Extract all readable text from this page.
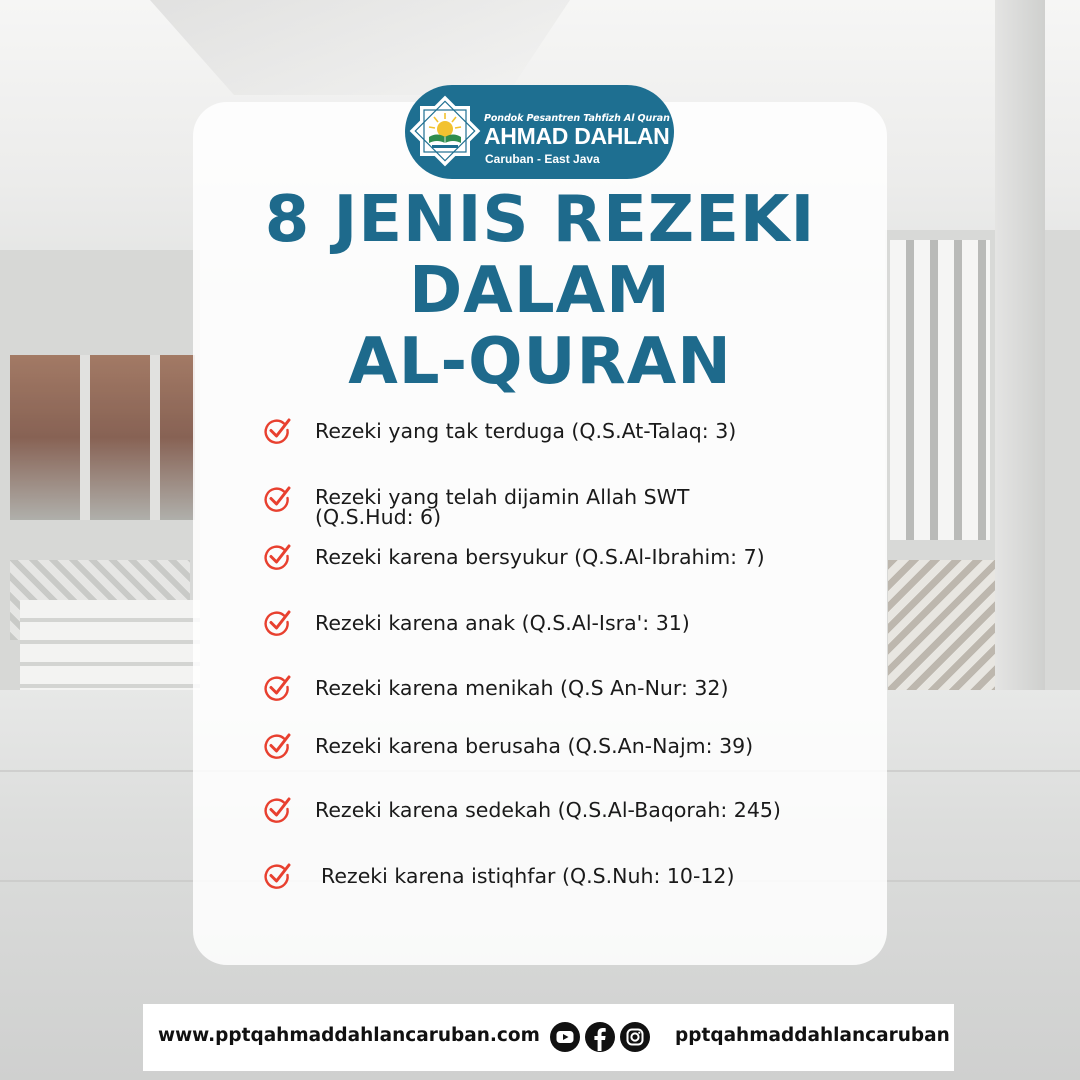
Pondok Pesantren Tahfizh Al Quran
AHMAD DAHLAN
Caruban - East Java
8 JENIS REZEKI
DALAM
AL-QURAN
Rezeki yang tak terduga (Q.S.At-Talaq: 3)
Rezeki yang telah dijamin Allah SWT (Q.S.Hud: 6)
Rezeki karena bersyukur (Q.S.Al-Ibrahim: 7)
Rezeki karena anak (Q.S.Al-Isra': 31)
Rezeki karena menikah (Q.S An-Nur: 32)
Rezeki karena berusaha (Q.S.An-Najm: 39)
Rezeki karena sedekah (Q.S.Al-Baqorah: 245)
Rezeki karena istiqhfar (Q.S.Nuh: 10-12)
www.pptqahmaddahlancaruban.com	pptqahmaddahlancaruban
